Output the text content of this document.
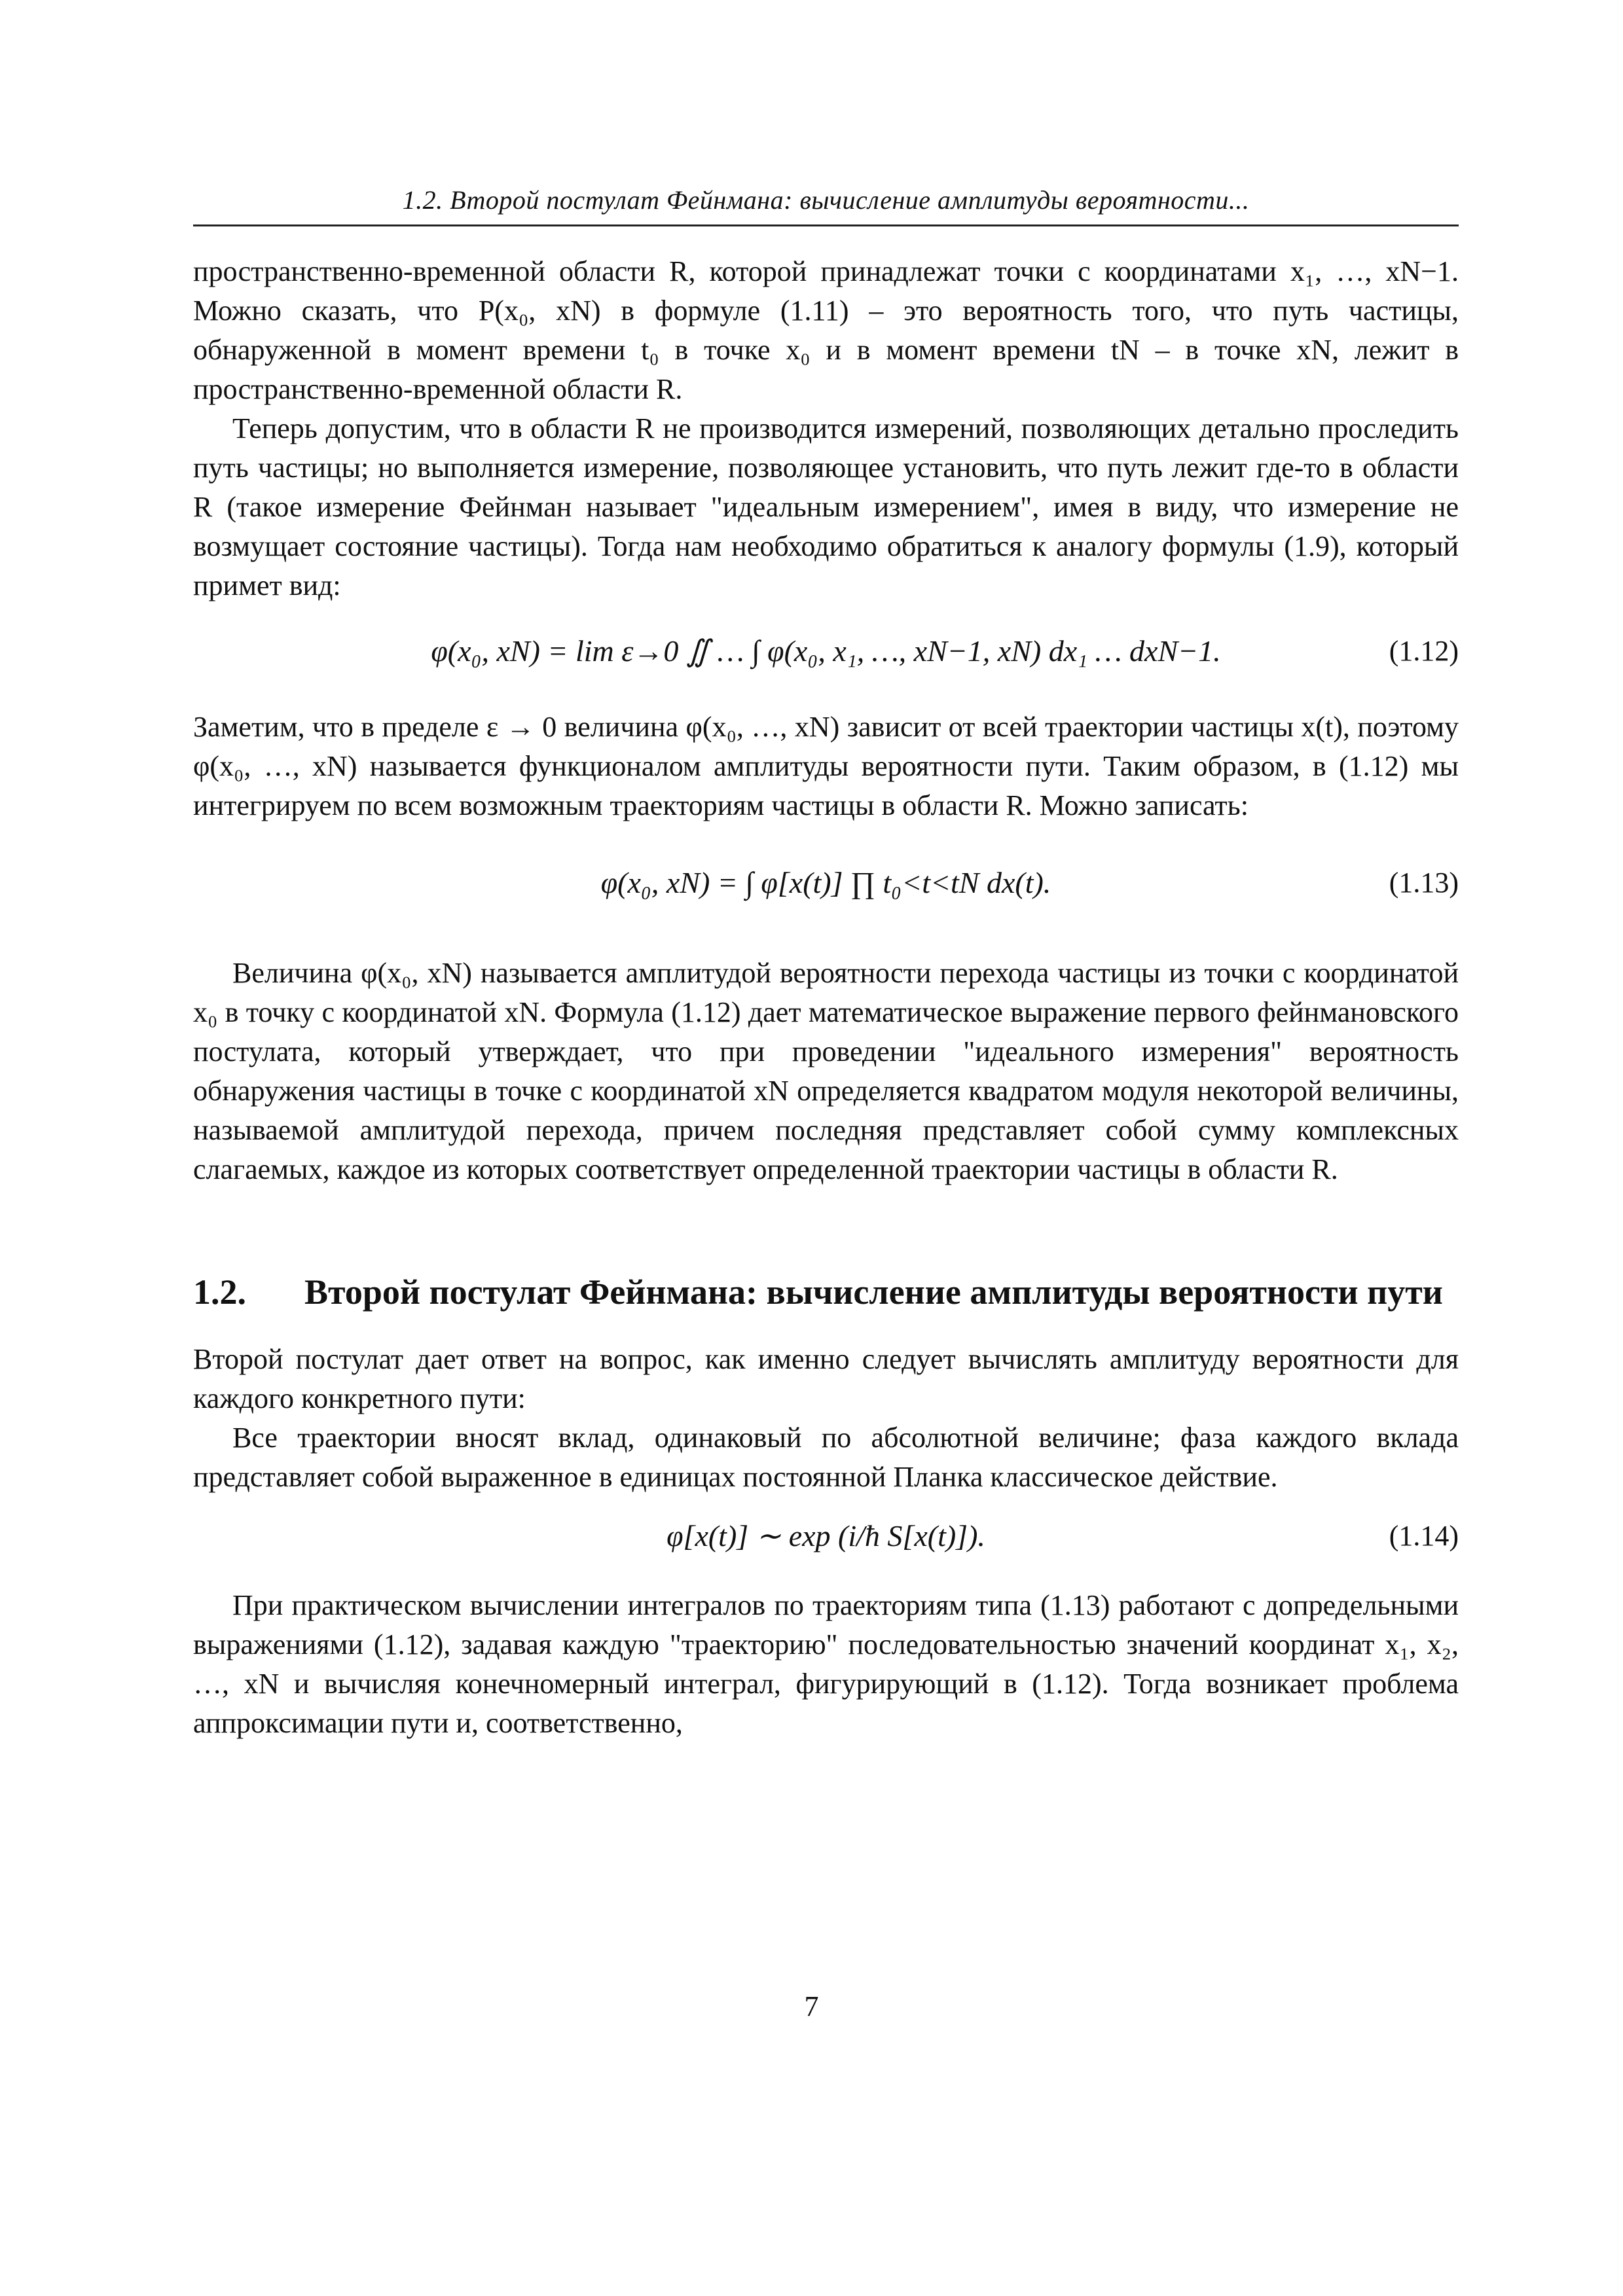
1.2. Второй постулат Фейнмана: вычисление амплитуды вероятности...

пространственно-временной области R, которой принадлежат точки с координатами x₁, …, xN−1. Можно сказать, что P(x₀, xN) в формуле (1.11) – это вероятность того, что путь частицы, обнаруженной в момент времени t₀ в точке x₀ и в момент времени tN – в точке xN, лежит в пространственно-временной области R.

Теперь допустим, что в области R не производится измерений, позволяющих детально проследить путь частицы; но выполняется измерение, позволяющее установить, что путь лежит где-то в области R (такое измерение Фейнман называет "идеальным измерением", имея в виду, что измерение не возмущает состояние частицы). Тогда нам необходимо обратиться к аналогу формулы (1.9), который примет вид:

φ(x₀, xN) = lim ε→0 ∬ … ∫ φ(x₀, x₁, …, xN−1, xN) dx₁ … dxN−1.	(1.12)

Заметим, что в пределе ε → 0 величина φ(x₀, …, xN) зависит от всей траектории частицы x(t), поэтому φ(x₀, …, xN) называется функционалом амплитуды вероятности пути. Таким образом, в (1.12) мы интегрируем по всем возможным траекториям частицы в области R. Можно записать:

φ(x₀, xN) = ∫ φ[x(t)] ∏ t₀<t<tN dx(t).	(1.13)

Величина φ(x₀, xN) называется амплитудой вероятности перехода частицы из точки с координатой x₀ в точку с координатой xN. Формула (1.12) дает математическое выражение первого фейнмановского постулата, который утверждает, что при проведении "идеального измерения" вероятность обнаружения частицы в точке с координатой xN определяется квадратом модуля некоторой величины, называемой амплитудой перехода, причем последняя представляет собой сумму комплексных слагаемых, каждое из которых соответствует определенной траектории частицы в области R.

1.2.	Второй постулат Фейнмана: вычисление амплитуды вероятности пути

Второй постулат дает ответ на вопрос, как именно следует вычислять амплитуду вероятности для каждого конкретного пути:

Все траектории вносят вклад, одинаковый по абсолютной величине; фаза каждого вклада представляет собой выраженное в единицах постоянной Планка классическое действие.

φ[x(t)] ∼ exp (i/ħ S[x(t)]).	(1.14)

При практическом вычислении интегралов по траекториям типа (1.13) работают с допредельными выражениями (1.12), задавая каждую "траекторию" последовательностью значений координат x₁, x₂, …, xN и вычисляя конечномерный интеграл, фигурирующий в (1.12). Тогда возникает проблема аппроксимации пути и, соответственно,

7
